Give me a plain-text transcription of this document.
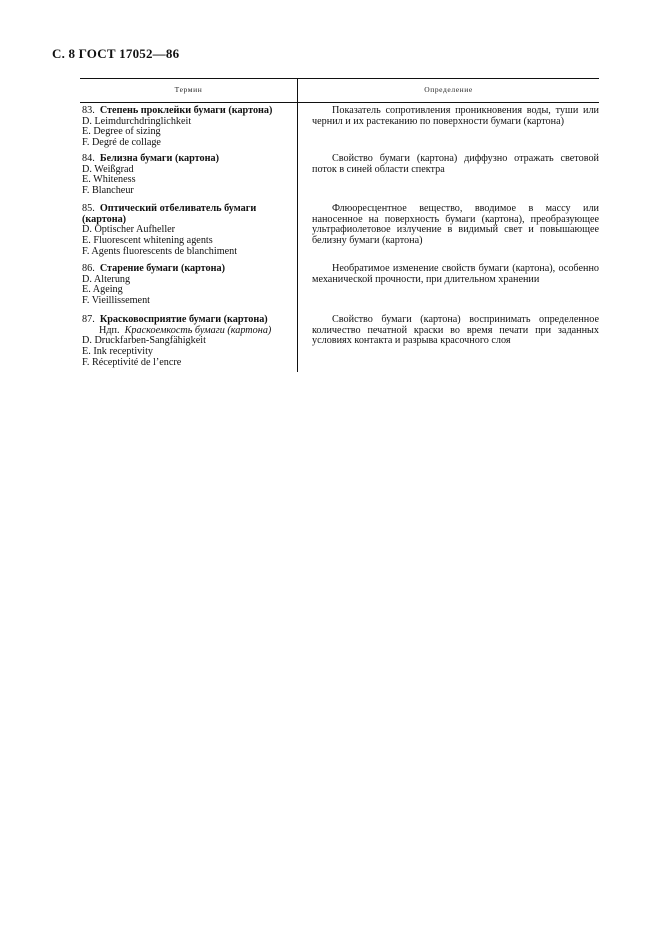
С. 8 ГОСТ 17052—86
Термин	Определение
83. Степень проклейки бумаги (картона)
D. Leimdurchdringlichkeit
E. Degree of sizing
F. Degré de collage

Показатель сопротивления проникновения воды, туши или чернил и их растеканию по поверхности бумаги (картона)

84. Белизна бумаги (картона)
D. Weißgrad
E. Whiteness
F. Blancheur

Свойство бумаги (картона) диффузно отражать световой поток в синей области спектра

85. Оптический отбеливатель бумаги (картона)
D. Optischer Aufheller
E. Fluorescent whitening agents
F. Agents fluorescents de blanchiment

Флюоресцентное вещество, вводимое в массу или наносенное на поверхность бумаги (картона), преобразующее ультрафиолетовое излучение в видимый свет и повышающее белизну бумаги (картона)

86. Старение бумаги (картона)
D. Alterung
E. Ageing
F. Vieillissement

Необратимое изменение свойств бумаги (картона), особенно механической прочности, при длительном хранении

87. Красковосприятие бумаги (картона)
Ндп. Краскоемкость бумаги (картона)
D. Druckfarben-Sangfähigkeit
E. Ink receptivity
F. Réceptivité de l’encre

Свойство бумаги (картона) воспринимать определенное количество печатной краски во время печати при заданных условиях контакта и разрыва красочного слоя
